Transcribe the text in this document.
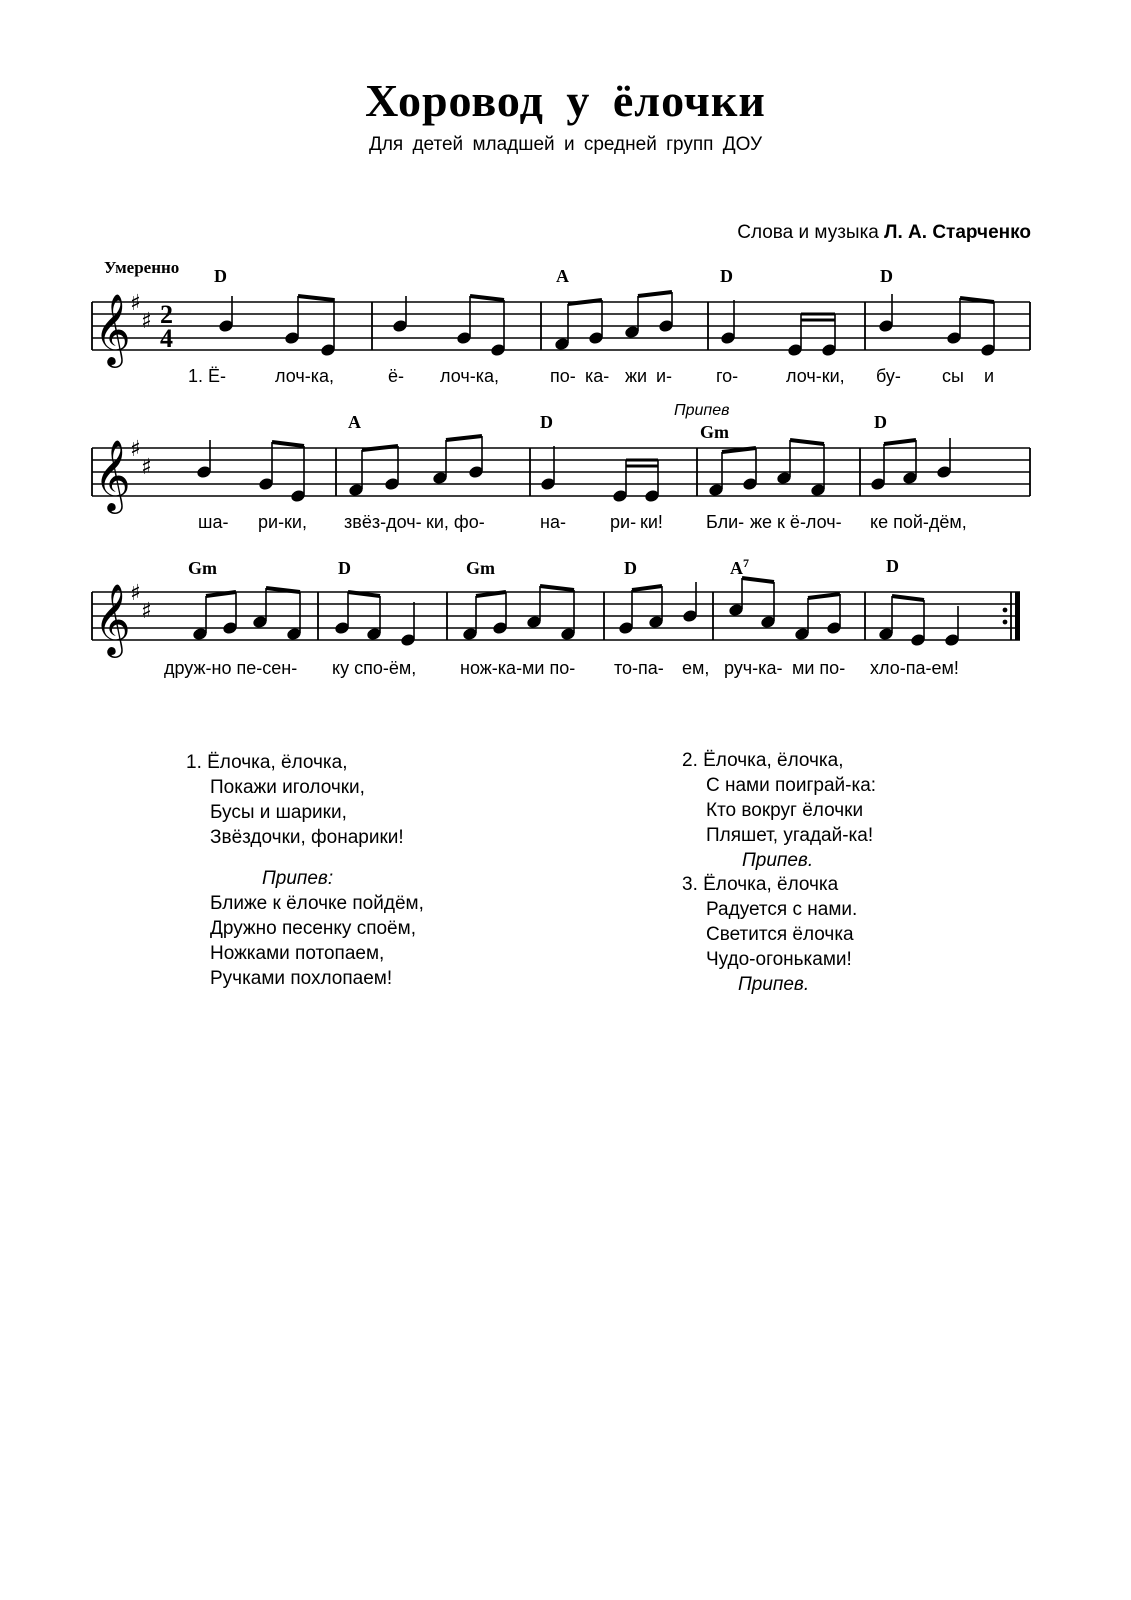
Хоровод у ёлочки
Для детей младшей и средней групп ДОУ
Слова и музыка Л. А. Старченко
Умеренно
𝄞
𝄞
𝄞
♯
♯
♯
♯
♯
♯
2
4
D	A	D	D
1. Ё-	лоч-ка,	ё- лоч-ка,	по- ка- жи и- го-	лоч-ки, бу- сы и
A	D
Припев
Gm	D
ша- ри-ки, звёз-доч- ки, фо-	на- ри- ки! Бли- же к ё-лоч- ке пой-дём,
Gm	D	Gm	D	$A^7$	D
друж-но пе-сен- ку спо-ём, нож-ка-ми по- то-па- ем, руч-ка- ми по- хло-па-ем!
1. Ёлочка, ёлочка,
Покажи иголочки,
Бусы и шарики,
Звёздочки, фонарики!
Припев:
Ближе к ёлочке пойдём,
Дружно песенку споём,
Ножками потопаем,
Ручками похлопаем!
2. Ёлочка, ёлочка,
С нами поиграй-ка:
Кто вокруг ёлочки
Пляшет, угадай-ка!
Припев.
3. Ёлочка, ёлочка
Радуется с нами.
Светится ёлочка
Чудо-огоньками!
Припев.
